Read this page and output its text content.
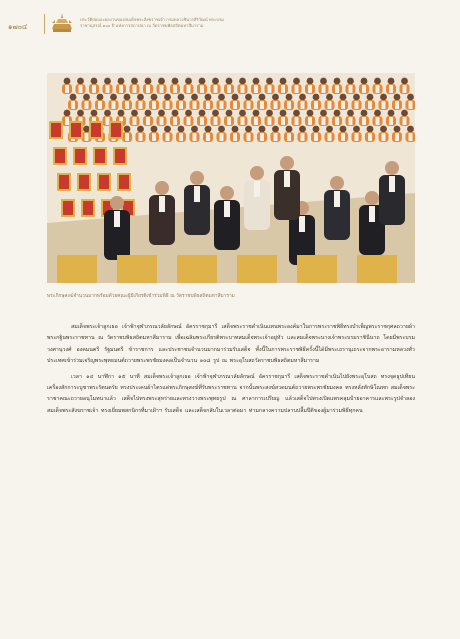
๑๗๐๔
ประวัติย่อและผลงานของสมเด็จพระสังฆราชเจ้า กรมหลวงชินวรสิริวัฒน์ พระบรมราชานุสรณ์ ๑๐๐ ปี แห่งการสถาปนา ณ วัดราชบพิธสถิตมหาสีมาราม
พระภิกษุสงฆ์จำนวนมากพร้อมด้วยคณะผู้มีเกียรติเข้าร่วมพิธี ณ วัดราชบพิธสถิตมหาสีมาราม

สมเด็จพระเจ้าลูกเธอ เจ้าฟ้าจุฬาภรณวลัยลักษณ์ อัครราชกุมารี เสด็จพระราชดำเนินแทนพระองค์มาในการพระราชพิธีทรงบำเพ็ญพระราชกุศลถวายผ้าพระกฐินพระราชทาน ณ วัดราชบพิธสถิตมหาสีมาราม เพื่อเฉลิมพระเกียรติพระบาทสมเด็จพระเจ้าอยู่หัว และสมเด็จพระนางเจ้าพระบรมราชินีนาถ โดยมีพระบรมวงศานุวงศ์ องคมนตรี รัฐมนตรี ข้าราชการ และประชาชนจำนวนมากมาร่วมรับเสด็จ ทั้งนี้ในการพระราชพิธีครั้งนี้ได้มีพระเถรานุเถระจากพระอารามหลวงทั่วประเทศเข้าร่วมเจริญพระพุทธมนต์ถวายพระพรชัยมงคลเป็นจำนวน ๑๐๘ รูป ณ พระอุโบสถวัดราชบพิธสถิตมหาสีมาราม

เวลา ๑๔ นาฬิกา ๑๕ นาที สมเด็จพระเจ้าลูกเธอ เจ้าฟ้าจุฬาภรณวลัยลักษณ์ อัครราชกุมารี เสด็จพระราชดำเนินไปยังพระอุโบสถ ทรงจุดธูปเทียนเครื่องสักการะบูชาพระรัตนตรัย ทรงประเคนผ้าไตรแด่พระภิกษุสงฆ์ที่รับพระราชทาน จากนั้นพระสงฆ์สวดมนต์ถวายพระพรชัยมงคล ทรงหลั่งทักษิโณทก สมเด็จพระราชาคณะถวายอนุโมทนาแล้ว เสด็จไปทรงพระสุหร่ายและทรงวางพระพุทธรูป ณ ศาลาการเปรียญ แล้วเสด็จไปทรงเปิดแพรคลุมป้ายอาคารและพระรูปจำลองสมเด็จพระสังฆราชเจ้า ทรงเยี่ยมพสกนิกรที่มาเฝ้าฯ รับเสด็จ และเสด็จกลับในเวลาต่อมา ท่ามกลางความปลาบปลื้มปีติของผู้มาร่วมพิธีทุกคน
